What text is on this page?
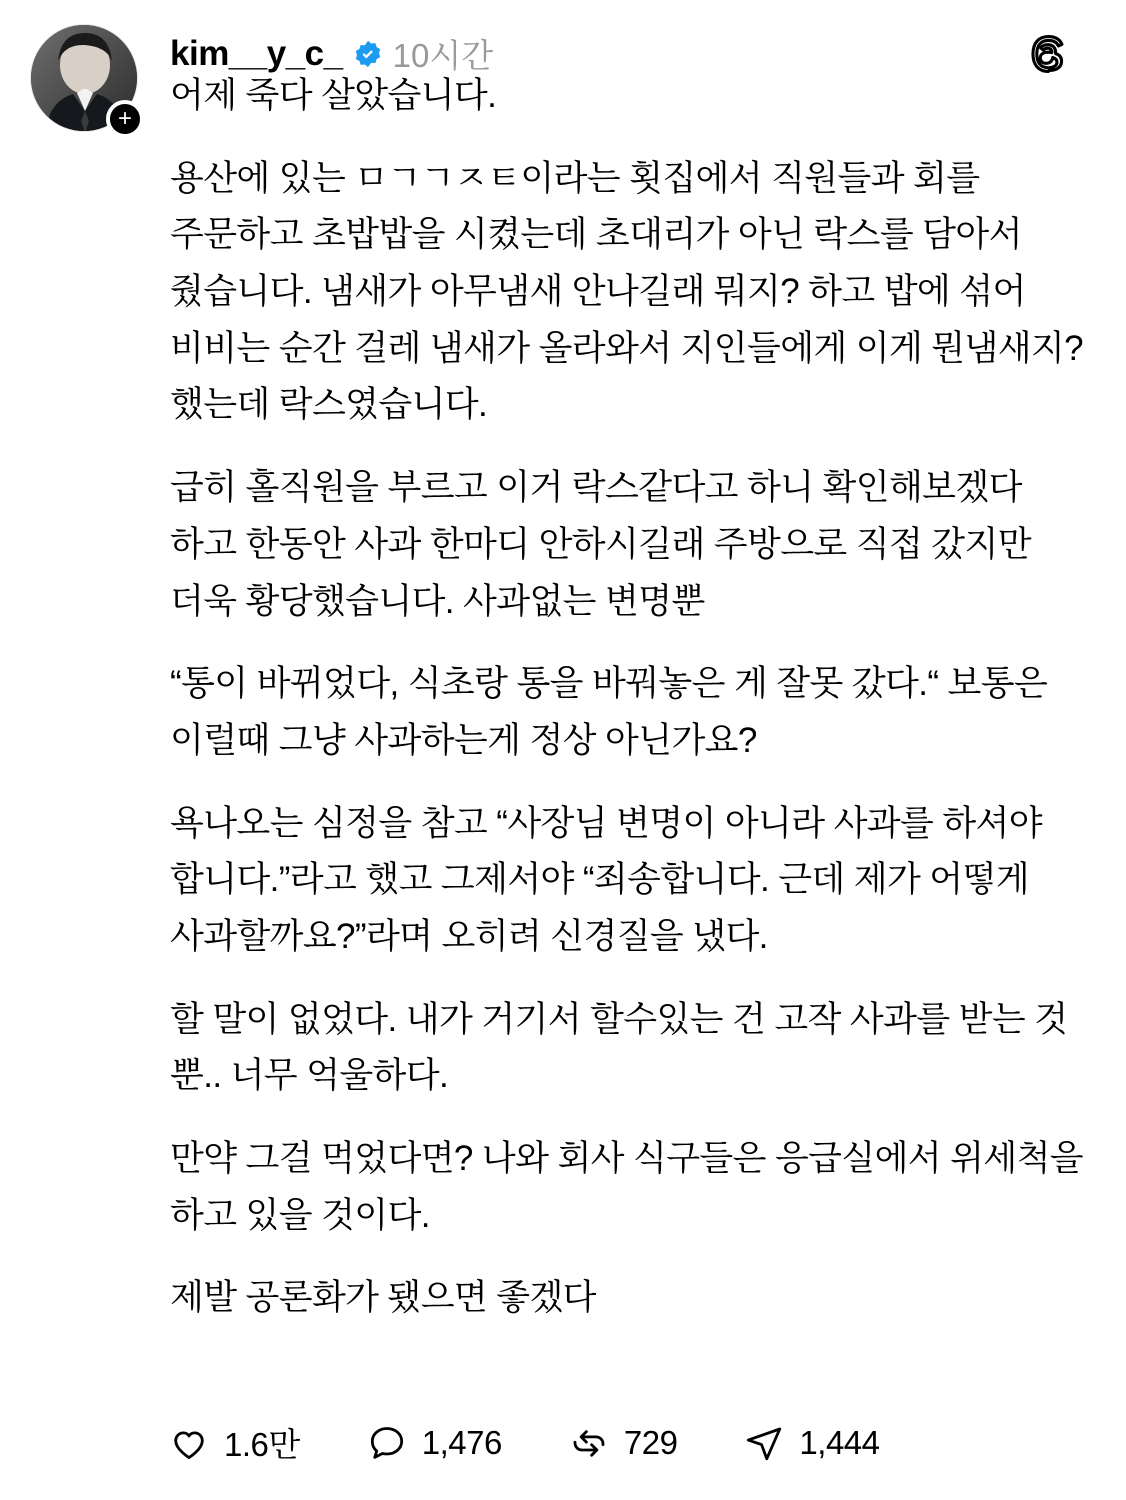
+
kim__y_c_ 10시간

어제 죽다 살았습니다.

용산에 있는 ㅁㄱㄱㅈㅌ이라는 횟집에서 직원들과 회를 주문하고 초밥밥을 시켰는데 초대리가 아닌 락스를 담아서 줬습니다. 냄새가 아무냄새 안나길래 뭐지? 하고 밥에 섞어 비비는 순간 걸레 냄새가 올라와서 지인들에게 이게 뭔냄새지? 했는데 락스였습니다.

급히 홀직원을 부르고 이거 락스같다고 하니 확인해보겠다 하고 한동안 사과 한마디 안하시길래 주방으로 직접 갔지만 더욱 황당했습니다. 사과없는 변명뿐

“통이 바뀌었다, 식초랑 통을 바꿔놓은 게 잘못 갔다.“ 보통은 이럴때 그냥 사과하는게 정상 아닌가요?

욕나오는 심정을 참고 “사장님 변명이 아니라 사과를 하셔야 합니다.”라고 했고 그제서야 “죄송합니다. 근데 제가 어떻게 사과할까요?”라며 오히려 신경질을 냈다.

할 말이 없었다. 내가 거기서 할수있는 건 고작 사과를 받는 것 뿐.. 너무 억울하다.

만약 그걸 먹었다면? 나와 회사 식구들은 응급실에서 위세척을 하고 있을 것이다.

제발 공론화가 됐으면 좋겠다

1.6만	1,476	729	1,444
